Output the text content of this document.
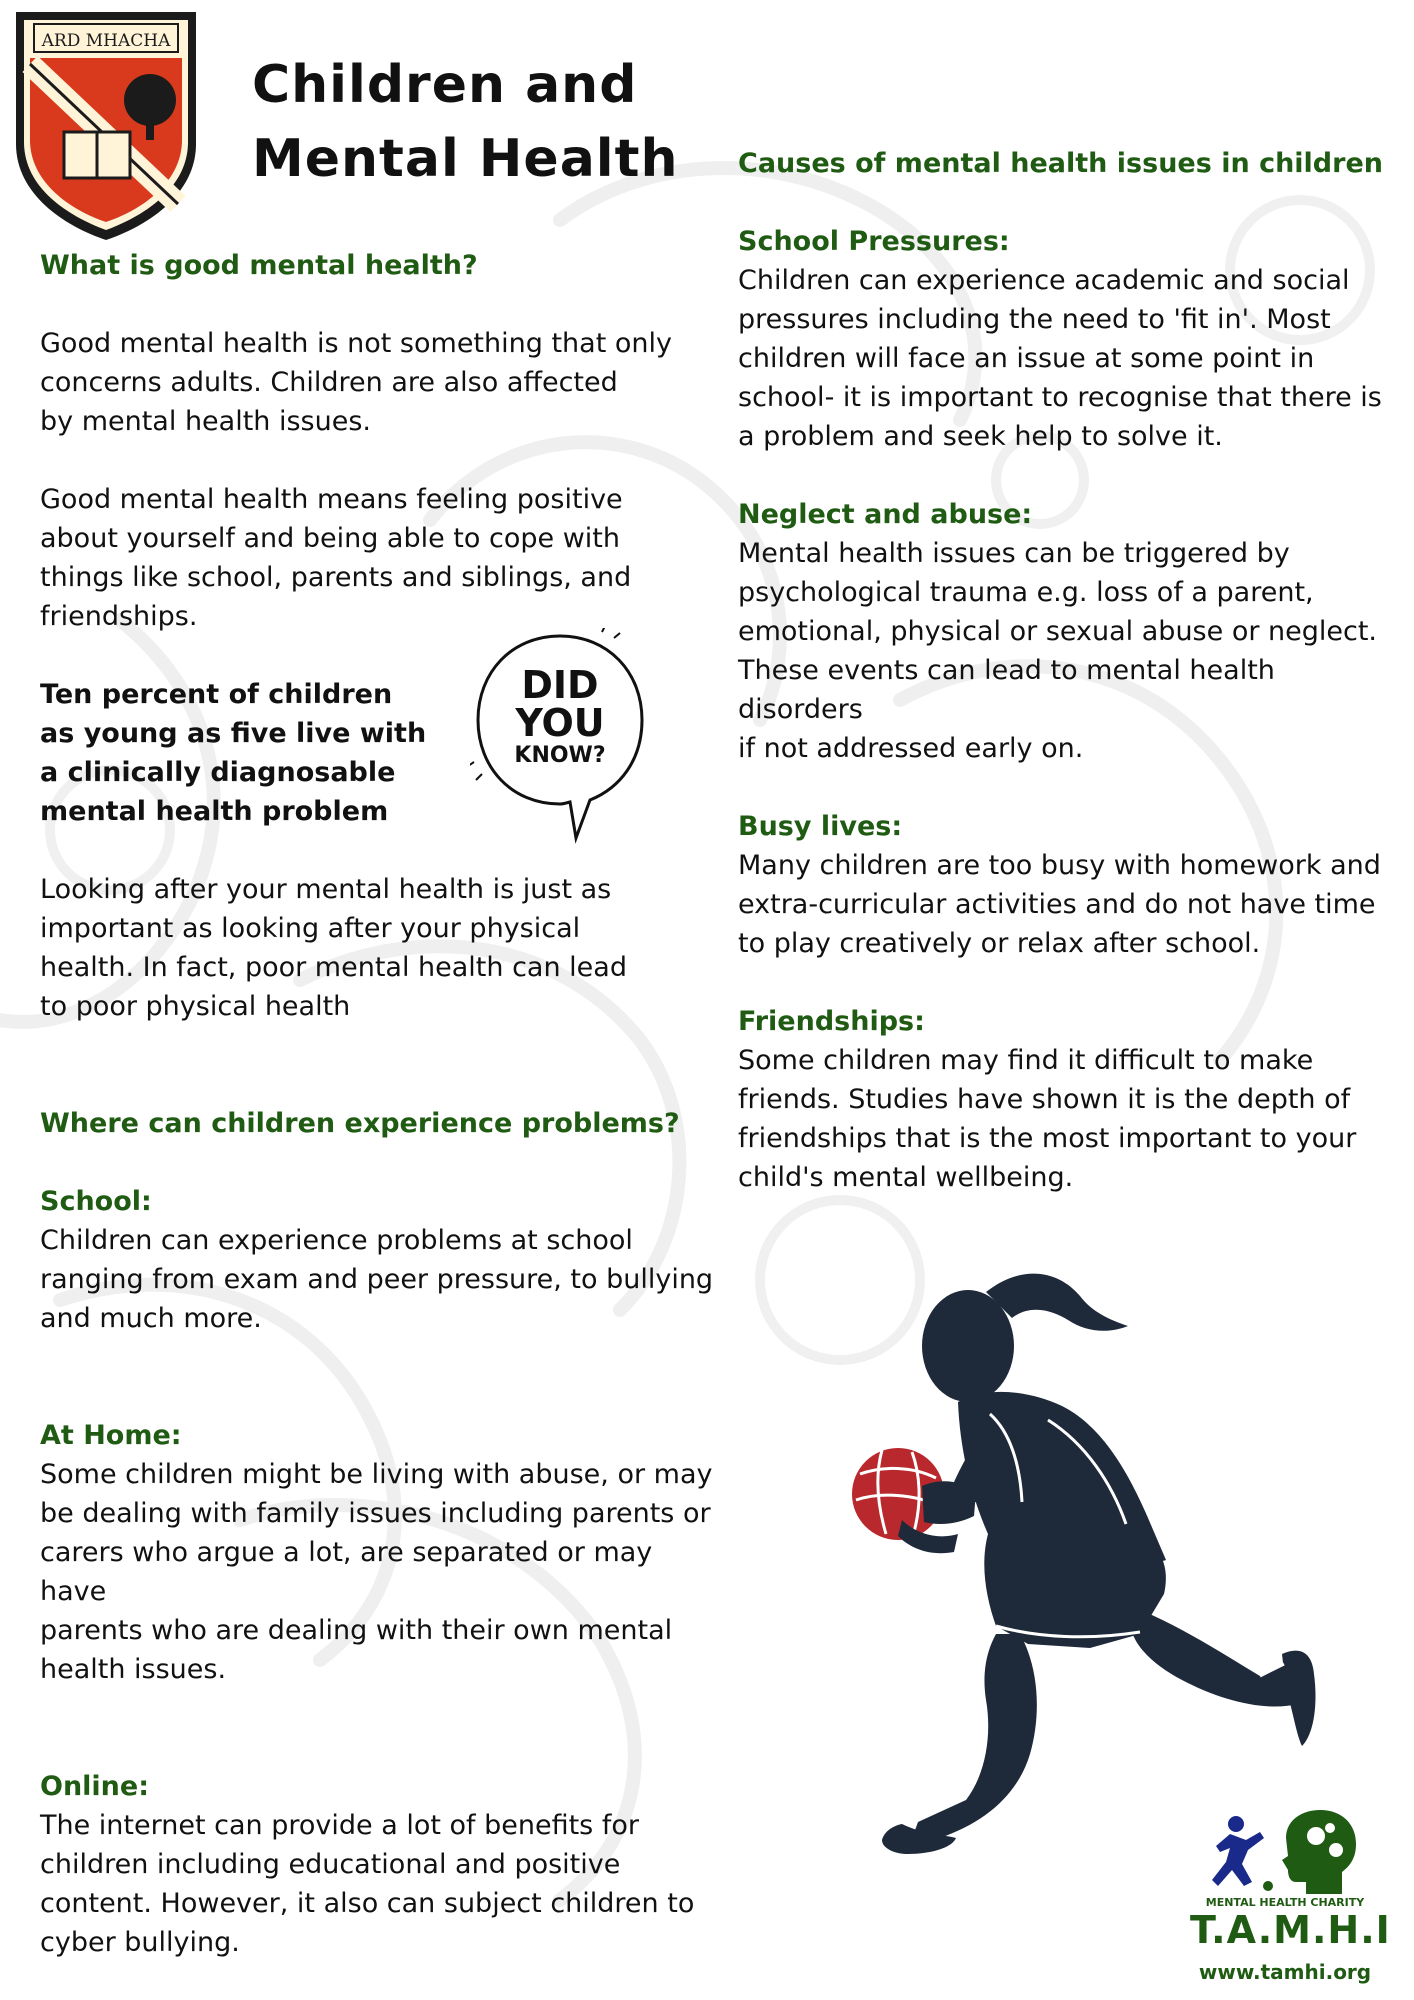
ARD MHACHA
Children and
Mental Health

What is good mental health?

Good mental health is not something that only
concerns adults. Children are also affected
by mental health issues.
Good mental health means feeling positive
about yourself and being able to cope with
things like school, parents and siblings, and
friendships.
Ten percent of children
as young as five live with
a clinically diagnosable
mental health problem
Looking after your mental health is just as
important as looking after your physical
health. In fact, poor mental health can lead
to poor physical health

Where can children experience problems?

School:

Children can experience problems at school
ranging from exam and peer pressure, to bullying
and much more.

At Home:

Some children might be living with abuse, or may
be dealing with family issues including parents or
carers who argue a lot, are separated or may have
parents who are dealing with their own mental
health issues.

Online:

The internet can provide a lot of benefits for
children including educational and positive
content. However, it also can subject children to
cyber bullying.
DID
YOU
KNOW?

Causes of mental health issues in children

School Pressures:

Children can experience academic and social
pressures including the need to 'fit in'. Most
children will face an issue at some point in
school- it is important to recognise that there is
a problem and seek help to solve it.

Neglect and abuse:

Mental health issues can be triggered by
psychological trauma e.g. loss of a parent,
emotional, physical or sexual abuse or neglect.
These events can lead to mental health disorders
if not addressed early on.

Busy lives:

Many children are too busy with homework and
extra-curricular activities and do not have time
to play creatively or relax after school.

Friendships:

Some children may find it difficult to make
friends. Studies have shown it is the depth of
friendships that is the most important to your
child's mental wellbeing.
MENTAL HEALTH CHARITY
T.A.M.H.I
www.tamhi.org
